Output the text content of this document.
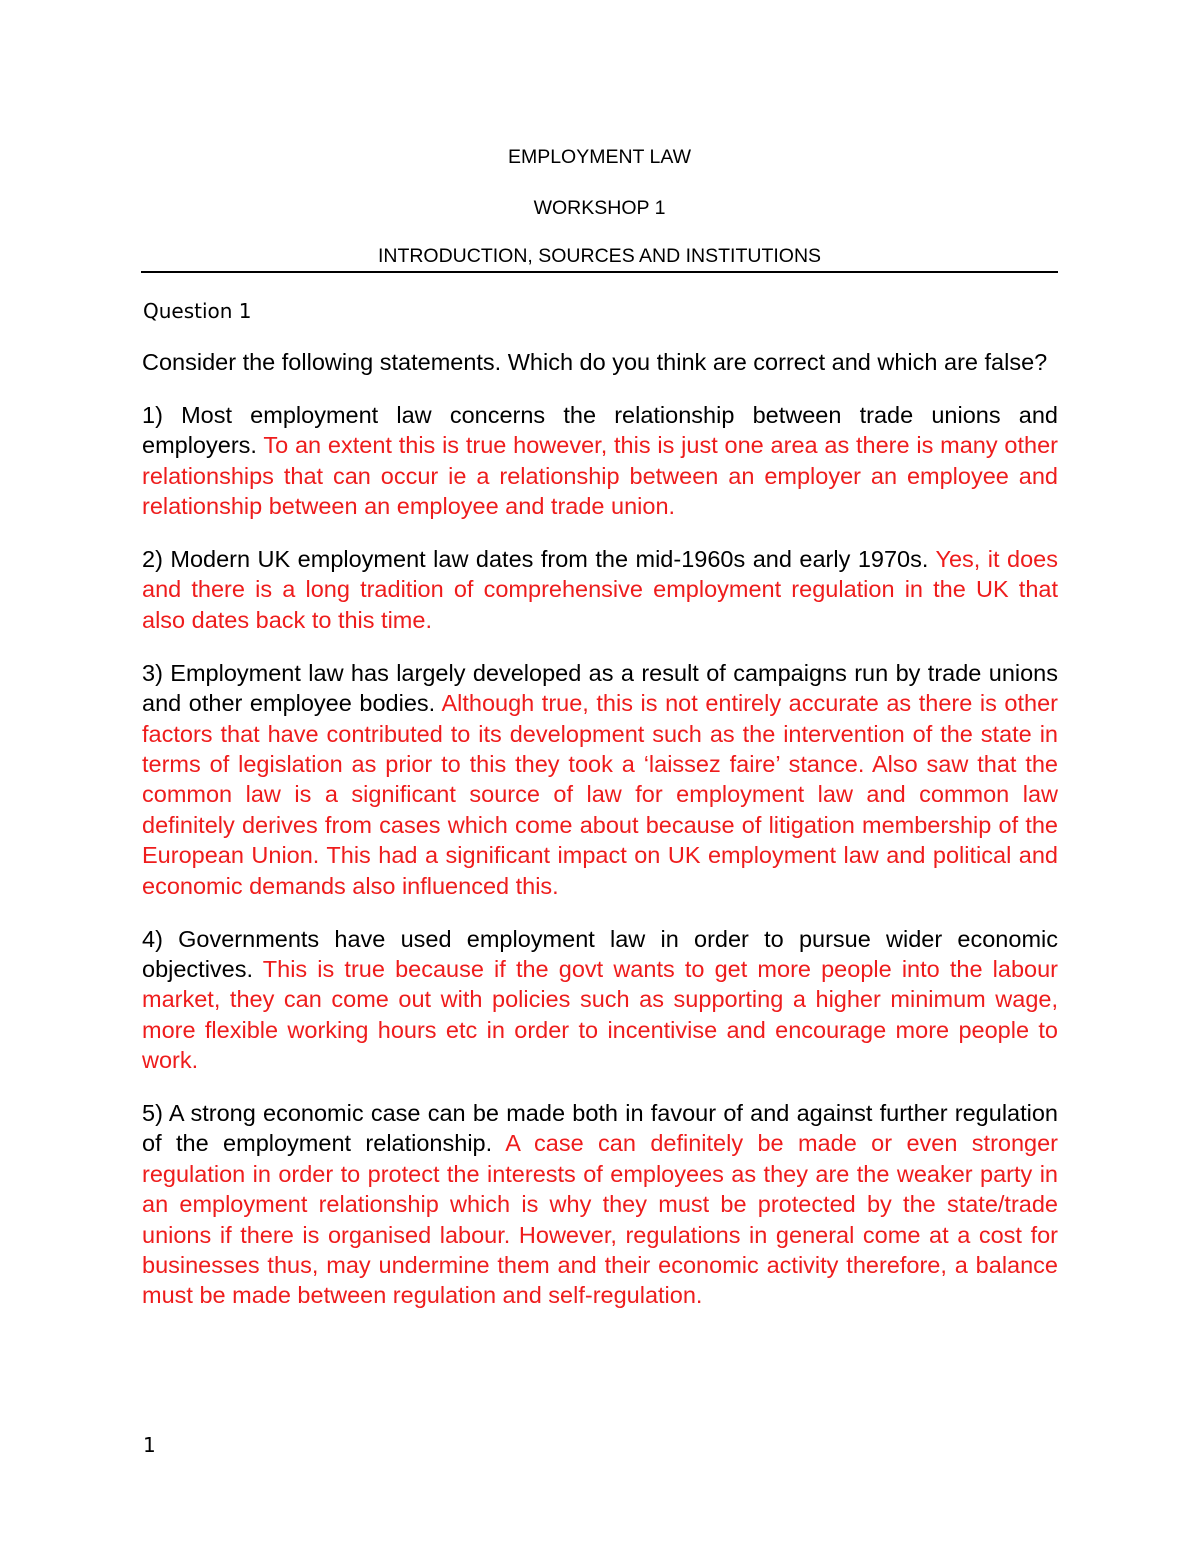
EMPLOYMENT LAW
WORKSHOP 1
INTRODUCTION, SOURCES AND INSTITUTIONS
Question 1

Consider the following statements. Which do you think are correct and which are false?

1) Most employment law concerns the relationship between trade unions and employers. To an extent this is true however, this is just one area as there is many other relationships that can occur ie a relationship between an employer an employee and relationship between an employee and trade union.

2) Modern UK employment law dates from the mid-1960s and early 1970s. Yes, it does and there is a long tradition of comprehensive employment regulation in the UK that also dates back to this time.

3) Employment law has largely developed as a result of campaigns run by trade unions and other employee bodies. Although true, this is not entirely accurate as there is other factors that have contributed to its development such as the intervention of the state in terms of legislation as prior to this they took a ‘laissez faire’ stance. Also saw that the common law is a significant source of law for employment law and common law definitely derives from cases which come about because of litigation membership of the European Union. This had a significant impact on UK employment law and political and economic demands also influenced this.

4) Governments have used employment law in order to pursue wider economic objectives. This is true because if the govt wants to get more people into the labour market, they can come out with policies such as supporting a higher minimum wage, more flexible working hours etc in order to incentivise and encourage more people to work.

5) A strong economic case can be made both in favour of and against further regulation of the employment relationship. A case can definitely be made or even stronger regulation in order to protect the interests of employees as they are the weaker party in an employment relationship which is why they must be protected by the state/trade unions if there is organised labour. However, regulations in general come at a cost for businesses thus, may undermine them and their economic activity therefore, a balance must be made between regulation and self-regulation.

1
